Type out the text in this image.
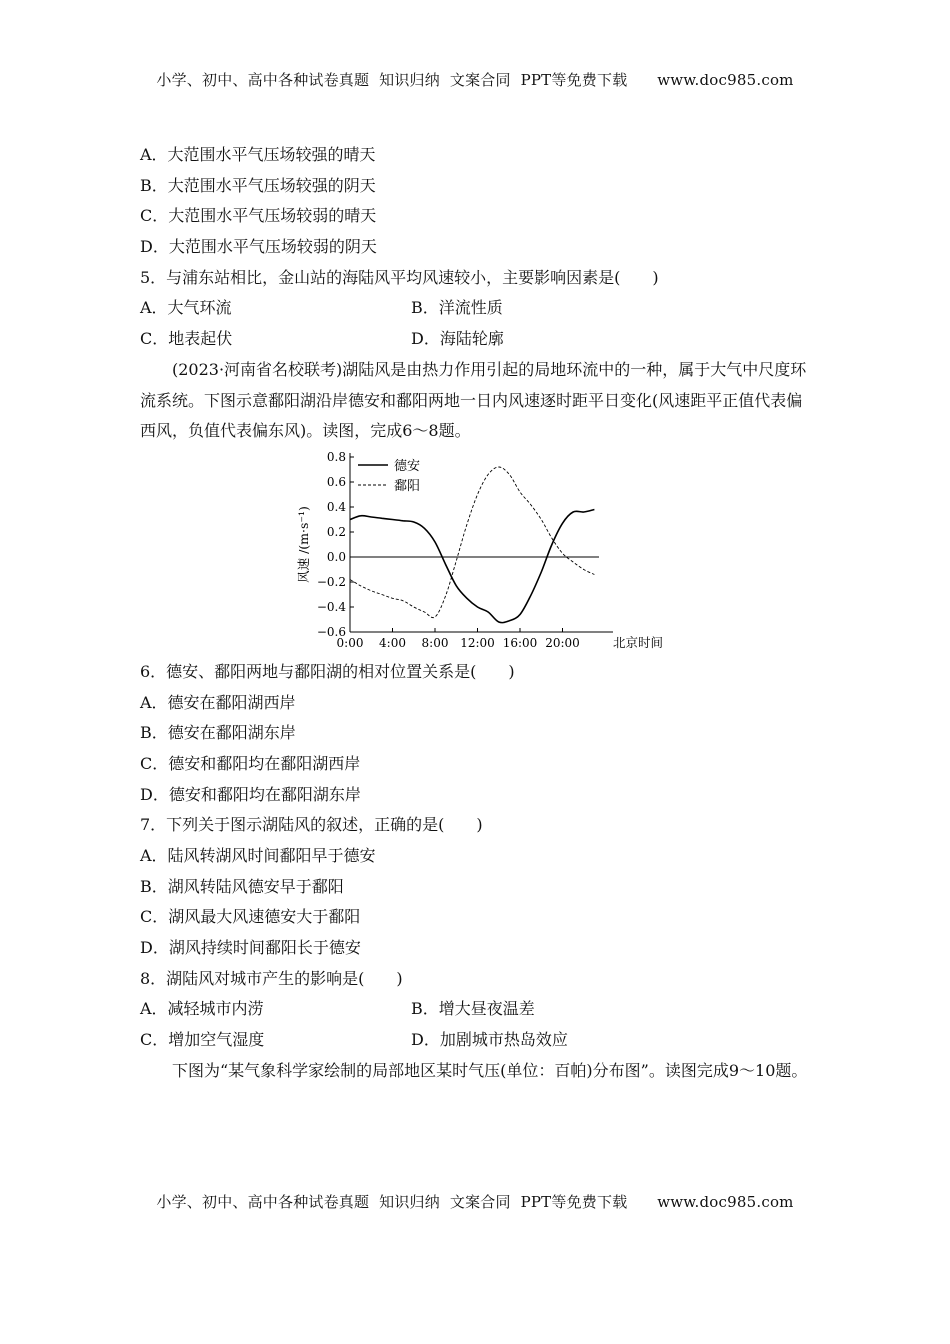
小学、初中、高中各种试卷真题  知识归纳  文案合同  PPT等免费下载      www.doc985.com
A．大范围水平气压场较强的晴天
B．大范围水平气压场较强的阴天
C．大范围水平气压场较弱的晴天
D．大范围水平气压场较弱的阴天
5．与浦东站相比，金山站的海陆风平均风速较小，主要影响因素是(　　)
A．大气环流	B．洋流性质
C．地表起伏	D．海陆轮廓

(2023·河南省名校联考)湖陆风是由热力作用引起的局地环流中的一种，属于大气中尺度环流系统。下图示意鄱阳湖沿岸德安和鄱阳两地一日内风速逐时距平日变化(风速距平正值代表偏西风，负值代表偏东风)。读图，完成6～8题。

0.8
0.6
0.4
0.2
0.0
−0.2
−0.4
−0.6
0:00 4:00 8:00 12:00 16:00 20:00	北京时间
风速 /(m·s⁻¹)
德安
鄱阳
6．德安、鄱阳两地与鄱阳湖的相对位置关系是(　　)
A．德安在鄱阳湖西岸
B．德安在鄱阳湖东岸
C．德安和鄱阳均在鄱阳湖西岸
D．德安和鄱阳均在鄱阳湖东岸
7．下列关于图示湖陆风的叙述，正确的是(　　)
A．陆风转湖风时间鄱阳早于德安
B．湖风转陆风德安早于鄱阳
C．湖风最大风速德安大于鄱阳
D．湖风持续时间鄱阳长于德安
8．湖陆风对城市产生的影响是(　　)
A．减轻城市内涝	B．增大昼夜温差
C．增加空气湿度	D．加剧城市热岛效应

下图为“某气象科学家绘制的局部地区某时气压(单位：百帕)分布图”。读图完成9～10题。

小学、初中、高中各种试卷真题  知识归纳  文案合同  PPT等免费下载      www.doc985.com
